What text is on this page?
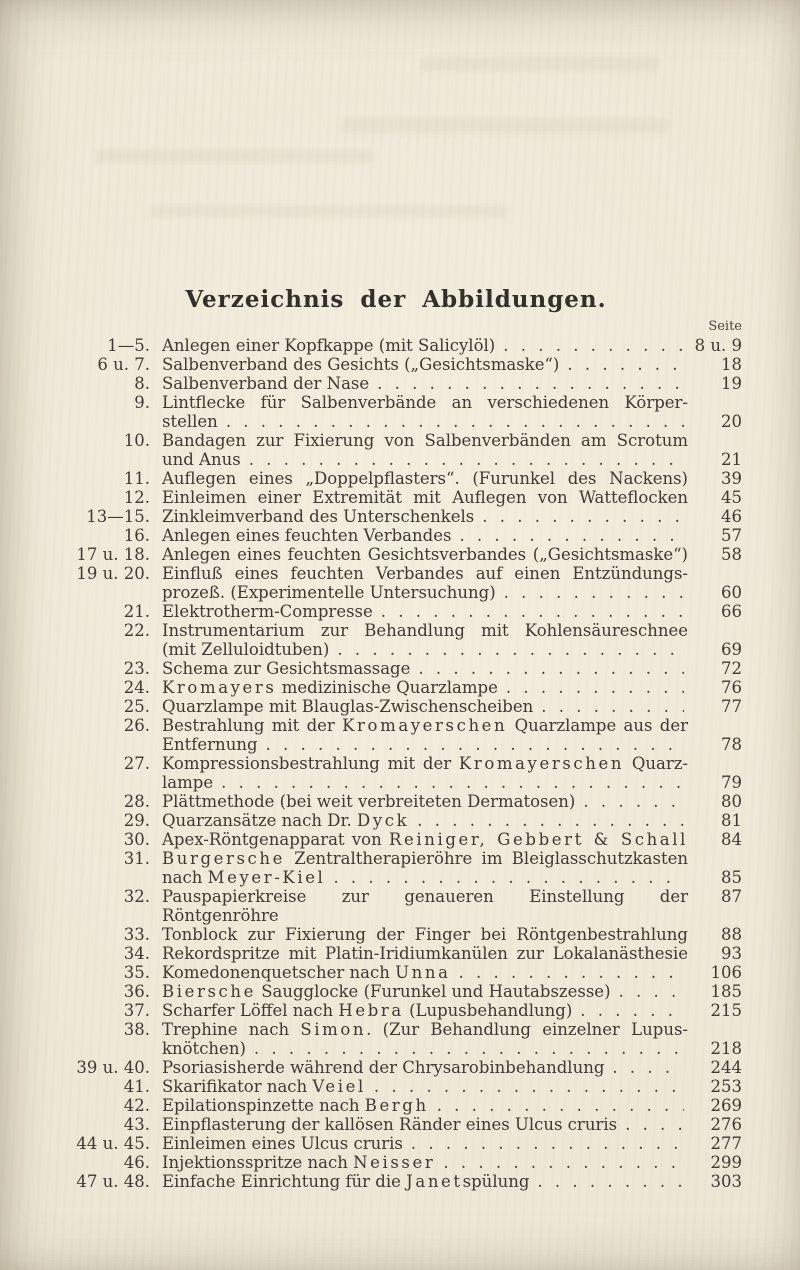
Verzeichnis der Abbildungen.
Seite
1—5. Anlegen einer Kopfkappe (mit Salicylöl) . . .	8 u. 9
6 u. 7. Salbenverband des Gesichts („Gesichtsmaske“) . . .	18
8. Salbenverband der Nase . . .	19
9. Lintflecke für Salbenverbände an verschiedenen Körper-
stellen . . .	20
10. Bandagen zur Fixierung von Salbenverbänden am Scrotum
und Anus . . .	21
11. Auflegen eines „Doppelpflasters“. (Furunkel des Nackens)	39
12. Einleimen einer Extremität mit Auflegen von Watteflocken	45
13—15. Zinkleimverband des Unterschenkels . . .	46
16. Anlegen eines feuchten Verbandes . . .	57
17 u. 18. Anlegen eines feuchten Gesichtsverbandes („Gesichtsmaske“)	58
19 u. 20. Einfluß eines feuchten Verbandes auf einen Entzündungs-
prozeß. (Experimentelle Untersuchung) . . .	60
21. Elektrotherm-Compresse . . .	66
22. Instrumentarium zur Behandlung mit Kohlensäureschnee
(mit Zelluloidtuben) . . .	69
23. Schema zur Gesichtsmassage . . .	72
24. Kromayers medizinische Quarzlampe . . .	76
25. Quarzlampe mit Blauglas-Zwischenscheiben . . .	77
26. Bestrahlung mit der Kromayerschen Quarzlampe aus der
Entfernung . . .	78
27. Kompressionsbestrahlung mit der Kromayerschen Quarz-
lampe . . .	79
28. Plättmethode (bei weit verbreiteten Dermatosen) . . .	80
29. Quarzansätze nach Dr. Dyck . . .	81
30. Apex-Röntgenapparat von Reiniger, Gebbert & Schall	84
31. Burgersche Zentraltherapieröhre im Bleiglasschutzkasten
nach Meyer-Kiel . . .	85
32. Pauspapierkreise zur genaueren Einstellung der Röntgenröhre
87
33. Tonblock zur Fixierung der Finger bei Röntgenbestrahlung	88
34. Rekordspritze mit Platin-Iridiumkanülen zur Lokalanästhesie	93
35. Komedonenquetscher nach Unna . . .	106
36. Biersche Saugglocke (Furunkel und Hautabszesse) . . .	185
37. Scharfer Löffel nach Hebra (Lupusbehandlung) . . .	215
38. Trephine nach Simon. (Zur Behandlung einzelner Lupus-
knötchen) . . .	218
39 u. 40. Psoriasisherde während der Chrysarobinbehandlung . . .	244
41. Skarifikator nach Veiel . . .	253
42. Epilationspinzette nach Bergh . . .	269
43. Einpflasterung der kallösen Ränder eines Ulcus cruris . . .	276
44 u. 45. Einleimen eines Ulcus cruris . . .	277
46. Injektionsspritze nach Neisser . . .	299
47 u. 48. Einfache Einrichtung für die Janetspülung . . .	303
